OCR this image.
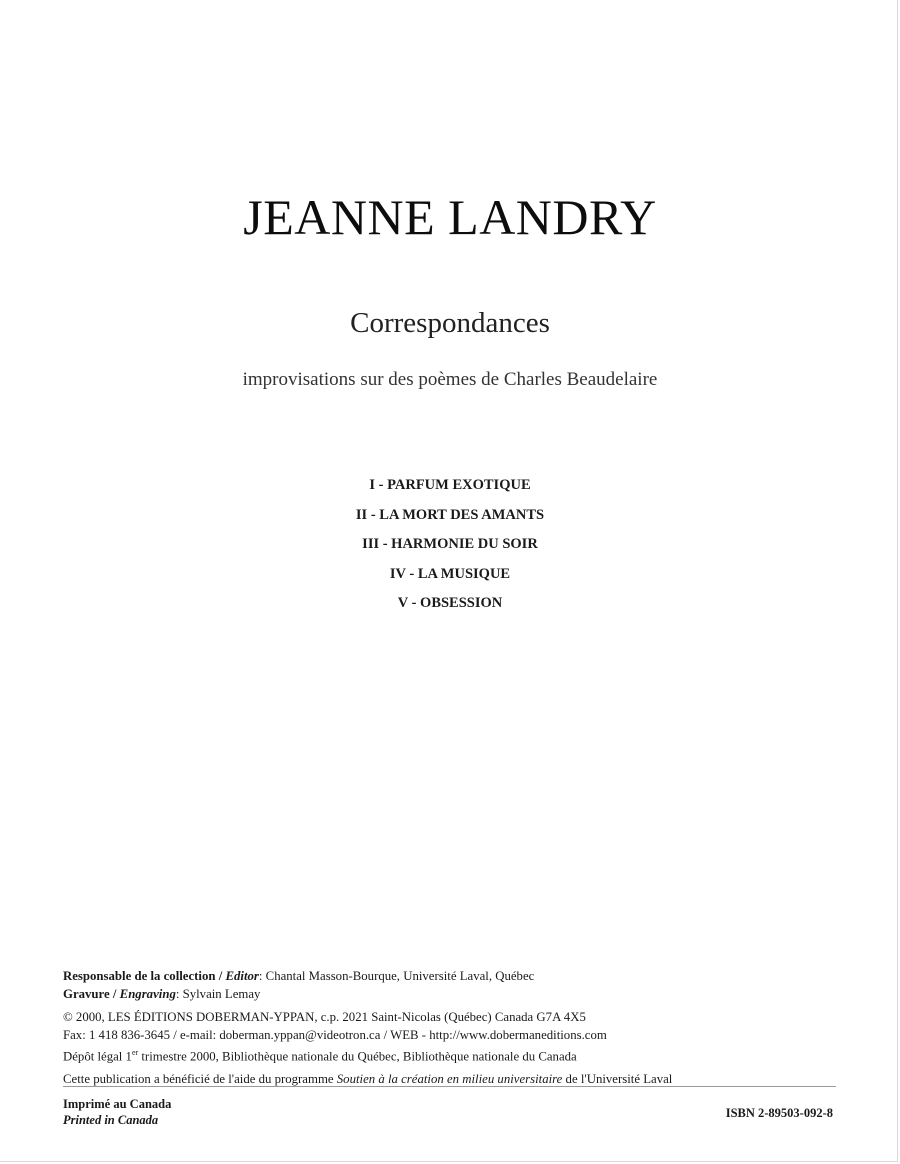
JEANNE LANDRY
Correspondances
improvisations sur des poèmes de Charles Beaudelaire
I - PARFUM EXOTIQUE
II - LA MORT DES AMANTS
III - HARMONIE DU SOIR
IV - LA MUSIQUE
V - OBSESSION
Responsable de la collection / Editor: Chantal Masson-Bourque, Université Laval, Québec
Gravure / Engraving: Sylvain Lemay
© 2000, LES ÉDITIONS DOBERMAN-YPPAN, c.p. 2021 Saint-Nicolas (Québec) Canada G7A 4X5
Fax: 1 418 836-3645 / e-mail: doberman.yppan@videotron.ca / WEB - http://www.dobermaneditions.com
Dépôt légal 1er trimestre 2000, Bibliothèque nationale du Québec, Bibliothèque nationale du Canada
Cette publication a bénéficié de l'aide du programme Soutien à la création en milieu universitaire de l'Université Laval
Imprimé au Canada
Printed in Canada	ISBN 2-89503-092-8
